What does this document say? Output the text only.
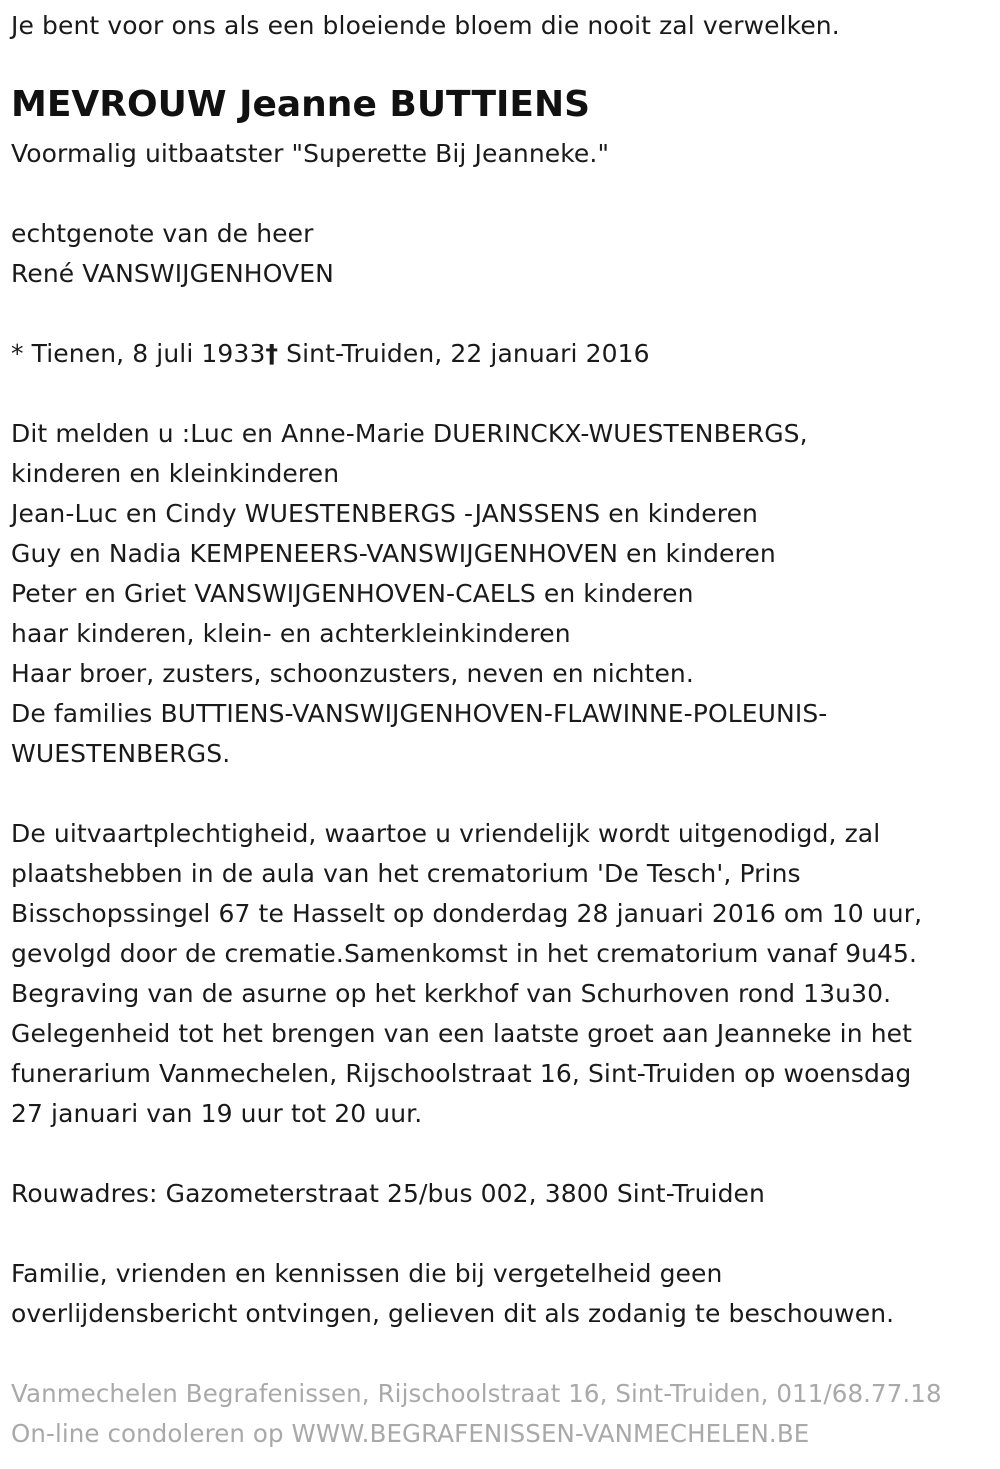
Je bent voor ons als een bloeiende bloem die nooit zal verwelken.
MEVROUW Jeanne BUTTIENS
Voormalig uitbaatster "Superette Bij Jeanneke."
echtgenote van de heer
René VANSWIJGENHOVEN
* Tienen, 8 juli 1933† Sint-Truiden, 22 januari 2016
Dit melden u :Luc en Anne-Marie DUERINCKX-WUESTENBERGS,
kinderen en kleinkinderen
Jean-Luc en Cindy WUESTENBERGS -JANSSENS en kinderen
Guy en Nadia KEMPENEERS-VANSWIJGENHOVEN en kinderen
Peter en Griet VANSWIJGENHOVEN-CAELS en kinderen
haar kinderen, klein- en achterkleinkinderen
Haar broer, zusters, schoonzusters, neven en nichten.
De families BUTTIENS-VANSWIJGENHOVEN-FLAWINNE-POLEUNIS-
WUESTENBERGS.
De uitvaartplechtigheid, waartoe u vriendelijk wordt uitgenodigd, zal
plaatshebben in de aula van het crematorium 'De Tesch', Prins
Bisschopssingel 67 te Hasselt op donderdag 28 januari 2016 om 10 uur,
gevolgd door de crematie.Samenkomst in het crematorium vanaf 9u45.
Begraving van de asurne op het kerkhof van Schurhoven rond 13u30.
Gelegenheid tot het brengen van een laatste groet aan Jeanneke in het
funerarium Vanmechelen, Rijschoolstraat 16, Sint-Truiden op woensdag
27 januari van 19 uur tot 20 uur.
Rouwadres: Gazometerstraat 25/bus 002, 3800 Sint-Truiden
Familie, vrienden en kennissen die bij vergetelheid geen
overlijdensbericht ontvingen, gelieven dit als zodanig te beschouwen.
Vanmechelen Begrafenissen, Rijschoolstraat 16, Sint-Truiden, 011/68.77.18
On-line condoleren op WWW.BEGRAFENISSEN-VANMECHELEN.BE
